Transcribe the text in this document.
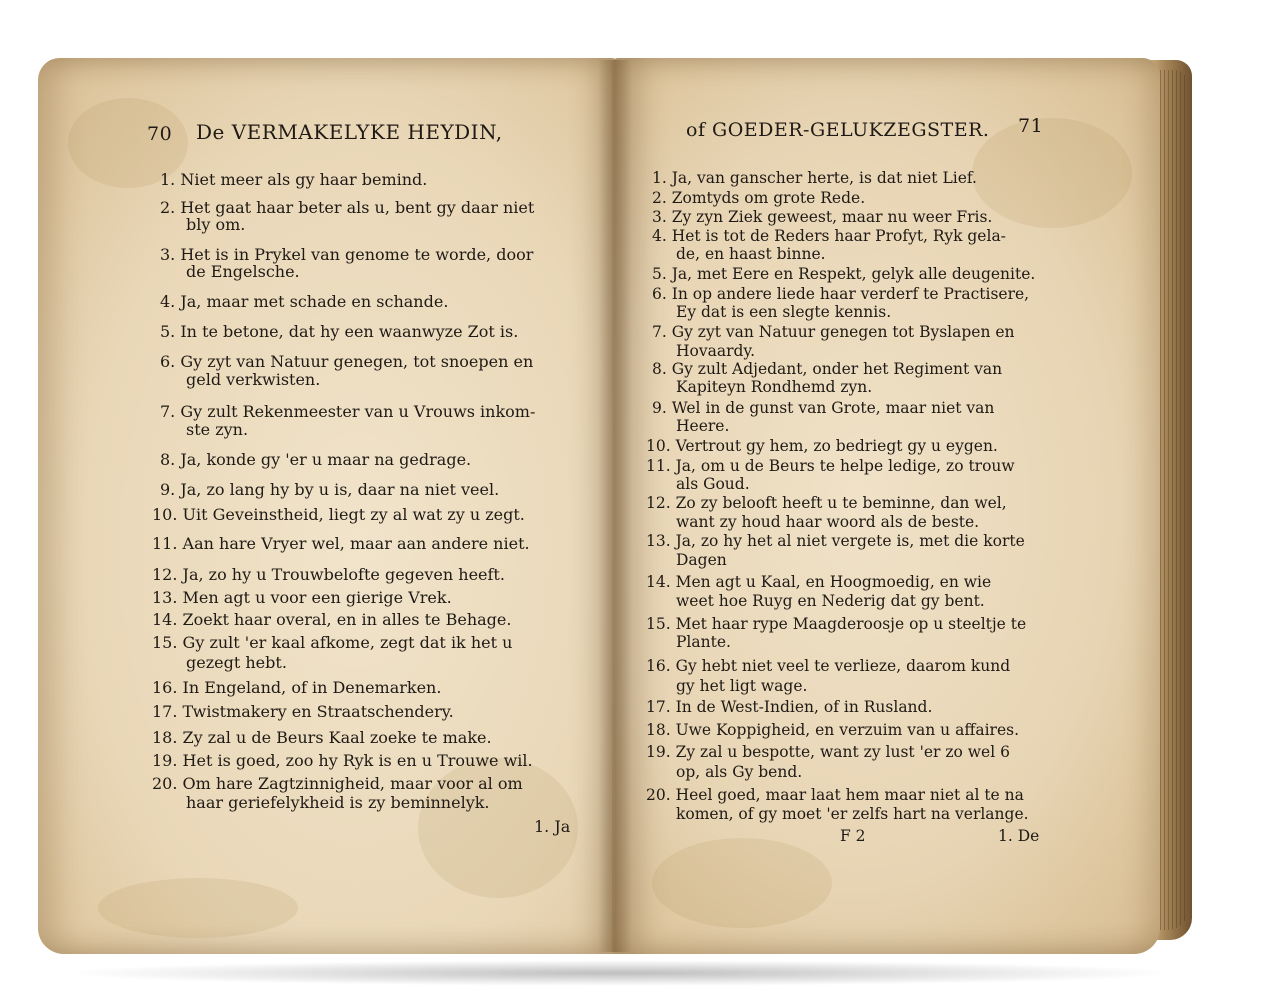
70 De VERMAKELYKE HEYDIN,
1. Niet meer als gy haar bemind.
2. Het gaat haar beter als u, bent gy daar niet
bly om.
3. Het is in Prykel van genome te worde, door
de Engelsche.
4. Ja, maar met schade en schande.
5. In te betone, dat hy een waanwyze Zot is.
6. Gy zyt van Natuur genegen, tot snoepen en
geld verkwisten.
7. Gy zult Rekenmeester van u Vrouws inkom-
ste zyn.
8. Ja, konde gy 'er u maar na gedrage.
9. Ja, zo lang hy by u is, daar na niet veel.
10. Uit Geveinstheid, liegt zy al wat zy u zegt.
11. Aan hare Vryer wel, maar aan andere niet.
12. Ja, zo hy u Trouwbelofte gegeven heeft.
13. Men agt u voor een gierige Vrek.
14. Zoekt haar overal, en in alles te Behage.
15. Gy zult 'er kaal afkome, zegt dat ik het u
gezegt hebt.
16. In Engeland, of in Denemarken.
17. Twistmakery en Straatschendery.
18. Zy zal u de Beurs Kaal zoeke te make.
19. Het is goed, zoo hy Ryk is en u Trouwe wil.
20. Om hare Zagtzinnigheid, maar voor al om
haar geriefelykheid is zy beminnelyk.
1. Ja
of GOEDER-GELUKZEGSTER. 71
1. Ja, van ganscher herte, is dat niet Lief.
2. Zomtyds om grote Rede.
3. Zy zyn Ziek geweest, maar nu weer Fris.
4. Het is tot de Reders haar Profyt, Ryk gela-
de, en haast binne.
5. Ja, met Eere en Respekt, gelyk alle deugenite.
6. In op andere liede haar verderf te Practisere,
Ey dat is een slegte kennis.
7. Gy zyt van Natuur genegen tot Byslapen en
Hovaardy.
8. Gy zult Adjedant, onder het Regiment van
Kapiteyn Rondhemd zyn.
9. Wel in de gunst van Grote, maar niet van
Heere.
10. Vertrout gy hem, zo bedriegt gy u eygen.
11. Ja, om u de Beurs te helpe ledige, zo trouw
als Goud.
12. Zo zy belooft heeft u te beminne, dan wel,
want zy houd haar woord als de beste.
13. Ja, zo hy het al niet vergete is, met die korte
Dagen
14. Men agt u Kaal, en Hoogmoedig, en wie
weet hoe Ruyg en Nederig dat gy bent.
15. Met haar rype Maagderoosje op u steeltje te
Plante.
16. Gy hebt niet veel te verlieze, daarom kund
gy het ligt wage.
17. In de West-Indien, of in Rusland.
18. Uwe Koppigheid, en verzuim van u affaires.
19. Zy zal u bespotte, want zy lust 'er zo wel 6
op, als Gy bend.
20. Heel goed, maar laat hem maar niet al te na
komen, of gy moet 'er zelfs hart na verlange.
F 2	1. De
